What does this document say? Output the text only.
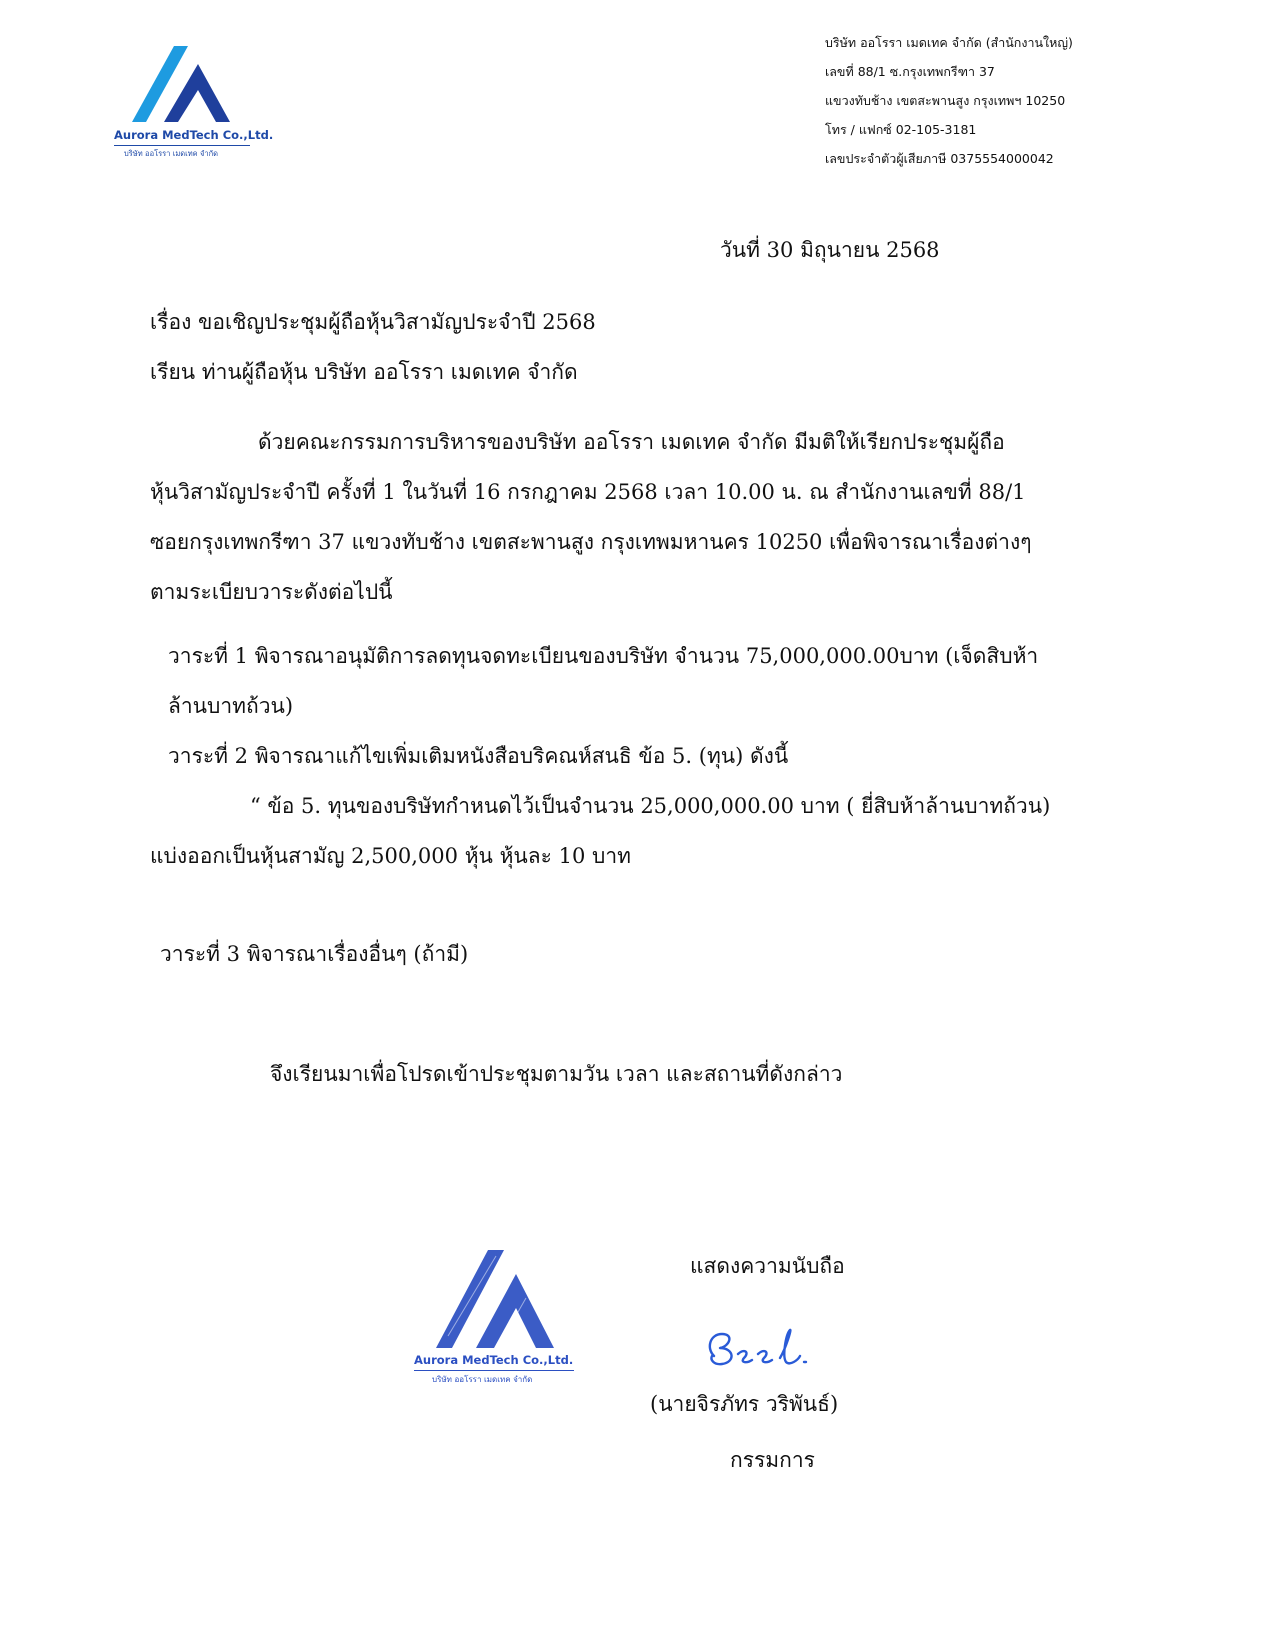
Aurora MedTech Co.,Ltd.
บริษัท ออโรรา เมดเทค จำกัด
บริษัท ออโรรา เมดเทค จำกัด (สำนักงานใหญ่)
เลขที่ 88/1 ซ.กรุงเทพกรีฑา 37
แขวงทับช้าง เขตสะพานสูง กรุงเทพฯ 10250
โทร / แฟกซ์ 02-105-3181
เลขประจำตัวผู้เสียภาษี 0375554000042
วันที่ 30 มิถุนายน 2568
เรื่อง ขอเชิญประชุมผู้ถือหุ้นวิสามัญประจำปี 2568
เรียน ท่านผู้ถือหุ้น บริษัท ออโรรา เมดเทค จำกัด
ด้วยคณะกรรมการบริหารของบริษัท ออโรรา เมดเทค จำกัด มีมติให้เรียกประชุมผู้ถือ
หุ้นวิสามัญประจำปี ครั้งที่ 1 ในวันที่ 16 กรกฎาคม 2568 เวลา 10.00 น. ณ สำนักงานเลขที่ 88/1
ซอยกรุงเทพกรีฑา 37 แขวงทับช้าง เขตสะพานสูง กรุงเทพมหานคร 10250 เพื่อพิจารณาเรื่องต่างๆ
ตามระเบียบวาระดังต่อไปนี้
วาระที่ 1 พิจารณาอนุมัติการลดทุนจดทะเบียนของบริษัท จำนวน 75,000,000.00บาท (เจ็ดสิบห้า
ล้านบาทถ้วน)
วาระที่ 2 พิจารณาแก้ไขเพิ่มเติมหนังสือบริคณห์สนธิ ข้อ 5. (ทุน) ดังนี้
“ ข้อ 5. ทุนของบริษัทกำหนดไว้เป็นจำนวน 25,000,000.00 บาท ( ยี่สิบห้าล้านบาทถ้วน)
แบ่งออกเป็นหุ้นสามัญ 2,500,000 หุ้น หุ้นละ 10 บาท
วาระที่ 3 พิจารณาเรื่องอื่นๆ (ถ้ามี)
จึงเรียนมาเพื่อโปรดเข้าประชุมตามวัน เวลา และสถานที่ดังกล่าว
Aurora MedTech Co.,Ltd.
บริษัท ออโรรา เมดเทค จำกัด
แสดงความนับถือ
(นายจิรภัทร วริพันธ์)
กรรมการ
